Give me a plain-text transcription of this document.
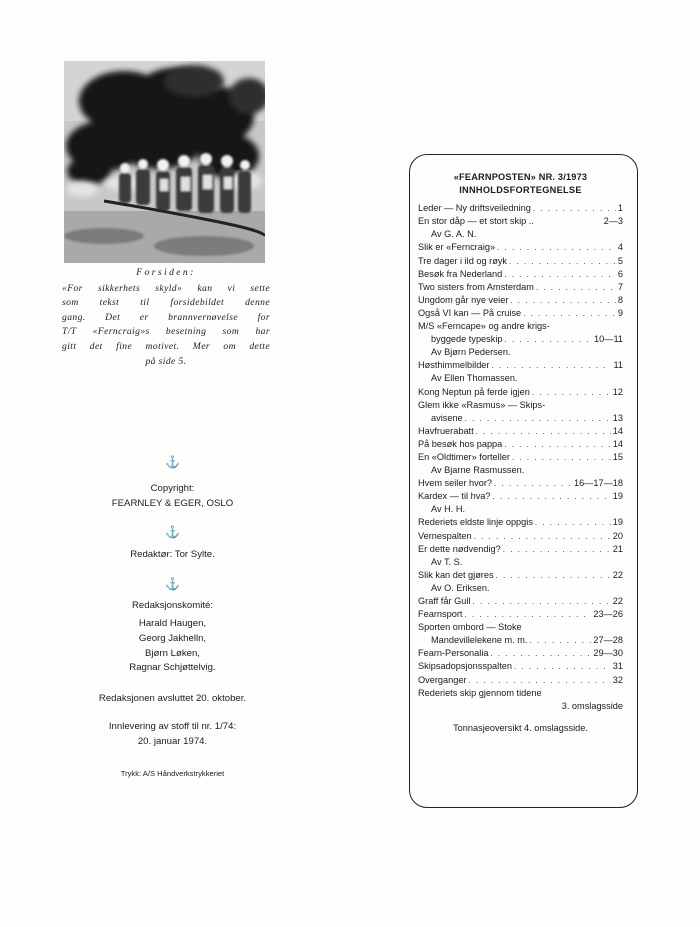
Forsiden:
«For sikkerhets skyld» kan vi sette
som tekst til forsidebildet denne
gang. Det er brannvernøvelse for
T/T «Ferncraig»s besetning som har
gitt det fine motivet. Mer om dette
på side 5.
⚓

Copyright:

FEARNLEY & EGER, OSLO

⚓

Redaktør: Tor Sylte.

⚓

Redaksjonskomité:

Harald Haugen,

Georg Jakhelln,

Bjørn Løken,

Ragnar Schjøttelvig.

Redaksjonen avsluttet 20. oktober.

Innlevering av stoff til nr. 1/74:

20. januar 1974.

Trykk: A/S Håndverkstrykkeriet

«FEARNPOSTEN» NR. 3/1973
INNHOLDSFORTEGNELSE
Leder — Ny driftsveiledning . . .	1
En stor dåp — et stort skip ..	2—3
Av G. A. N.
Slik er «Ferncraig» . . .	4
Tre dager i ild og røyk . . .	5
Besøk fra Nederland . . .	6
Two sisters from Amsterdam . . .	7
Ungdom går nye veier . . .	8
Også VI kan — På cruise . . .	9
M/S «Ferncape» og andre krigs-
byggede typeskip . . .	10—11
Av Bjørn Pedersen.
Høsthimmelbilder . . .	11
Av Ellen Thomassen.
Kong Neptun på ferde igjen . . .	12
Glem ikke «Rasmus» — Skips-
avisene . . .	13
Havfruerabatt . . .	14
På besøk hos pappa . . .	14
En «Oldtimer» forteller . . .	15
Av Bjarne Rasmussen.
Hvem seiler hvor? . . .	16—17—18
Kardex — til hva? . . .	19
Av H. H.
Rederiets eldste linje oppgis . . .	19
Vernespalten . . .	20
Er dette nødvendig? . . .	21
Av T. S.
Slik kan det gjøres . . .	22
Av O. Eriksen.
Graff får Gull . . .	22
Fearnsport . . .	23—26
Sporten ombord — Stoke
Mandevillelekene m. m. . . .	27—28
Fearn-Personalia . . .	29—30
Skipsadopsjonsspalten . . .	31
Overganger . . .	32
Rederiets skip gjennom tidene
3. omslagsside
Tonnasjeoversikt 4. omslagsside.
